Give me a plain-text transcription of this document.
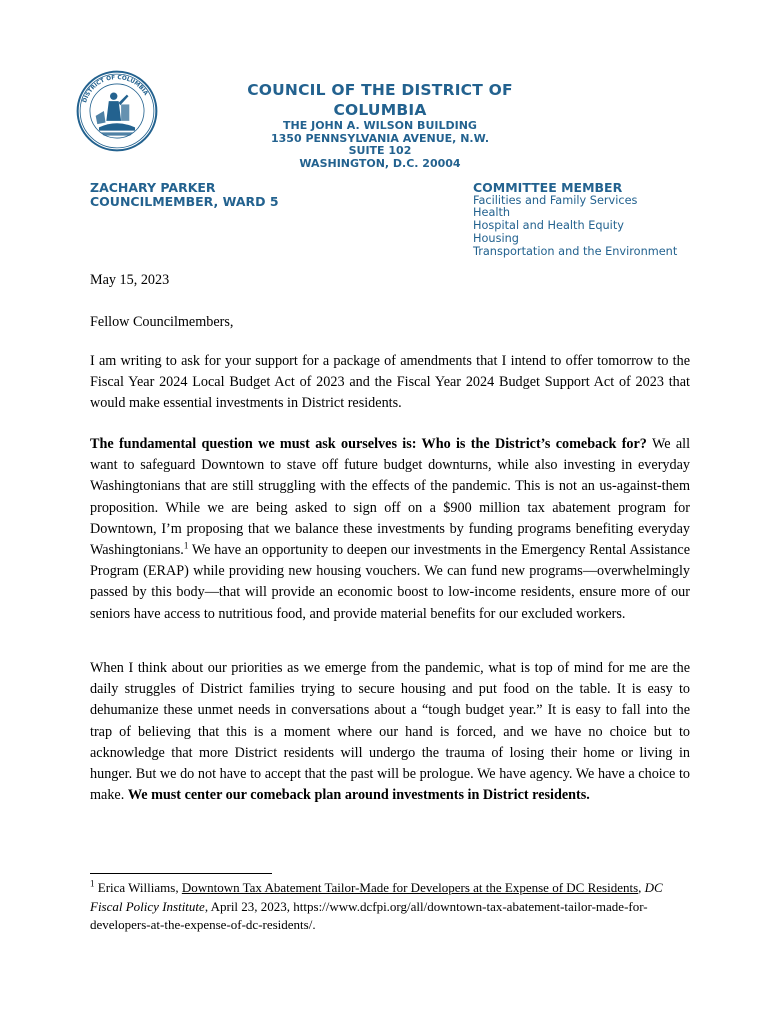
DISTRICT OF COLUMBIA	COUNCIL OF THE DISTRICT OF COLUMBIA
THE JOHN A. WILSON BUILDING
1350 PENNSYLVANIA AVENUE, N.W.
SUITE 102
WASHINGTON, D.C. 20004
ZACHARY PARKER
COUNCILMEMBER, WARD 5
COMMITTEE MEMBER
Facilities and Family Services
Health
Hospital and Health Equity
Housing
Transportation and the Environment
May 15, 2023
Fellow Councilmembers,
I am writing to ask for your support for a package of amendments that I intend to offer tomorrow to the Fiscal Year 2024 Local Budget Act of 2023 and the Fiscal Year 2024 Budget Support Act of 2023 that would make essential investments in District residents.
The fundamental question we must ask ourselves is: Who is the District’s comeback for? We all want to safeguard Downtown to stave off future budget downturns, while also investing in everyday Washingtonians that are still struggling with the effects of the pandemic. This is not an us-against-them proposition. While we are being asked to sign off on a $900 million tax abatement program for Downtown, I’m proposing that we balance these investments by funding programs benefiting everyday Washingtonians.$^1$ We have an opportunity to deepen our investments in the Emergency Rental Assistance Program (ERAP) while providing new housing vouchers. We can fund new programs—overwhelmingly passed by this body—that will provide an economic boost to low-income residents, ensure more of our seniors have access to nutritious food, and provide material benefits for our excluded workers.
When I think about our priorities as we emerge from the pandemic, what is top of mind for me are the daily struggles of District families trying to secure housing and put food on the table. It is easy to dehumanize these unmet needs in conversations about a “tough budget year.” It is easy to fall into the trap of believing that this is a moment where our hand is forced, and we have no choice but to acknowledge that more District residents will undergo the trauma of losing their home or living in hunger. But we do not have to accept that the past will be prologue. We have agency. We have a choice to make. We must center our comeback plan around investments in District residents.
$^1$ Erica Williams, Downtown Tax Abatement Tailor-Made for Developers at the Expense of DC Residents, DC Fiscal Policy Institute, April 23, 2023, https://www.dcfpi.org/all/downtown-tax-abatement-tailor-made-for-developers-at-the-expense-of-dc-residents/.
